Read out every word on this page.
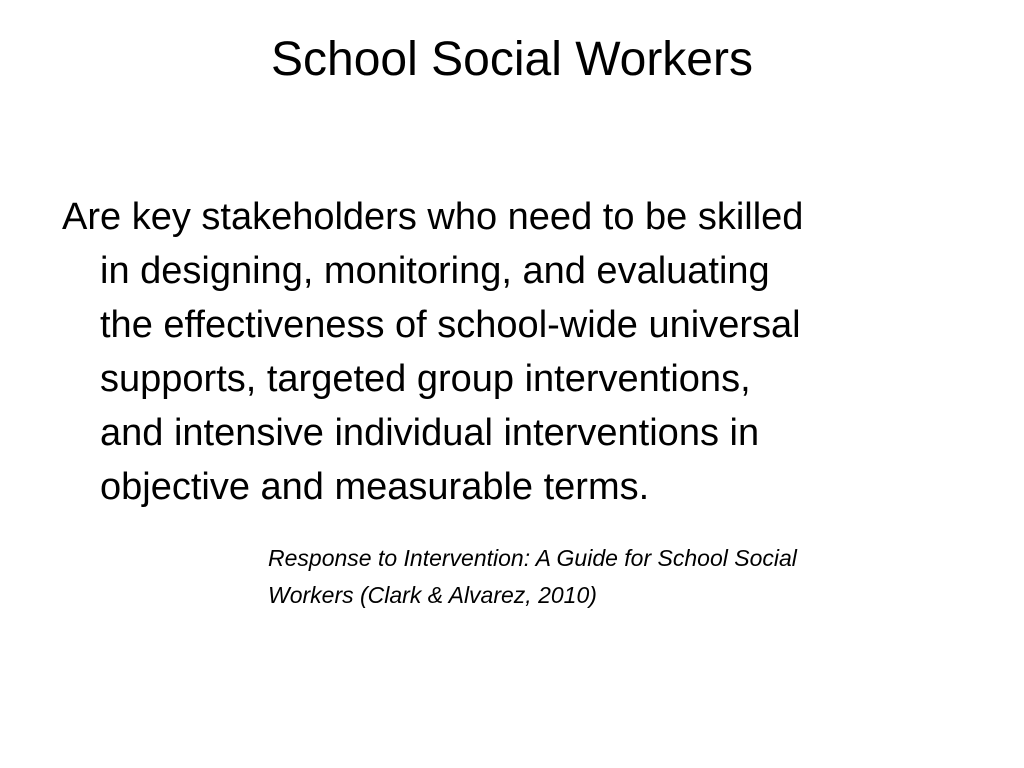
School Social Workers

Are key stakeholders who need to be skilled
in designing, monitoring, and evaluating
the effectiveness of school-wide universal
supports, targeted group interventions,
and intensive individual interventions in
objective and measurable terms.

Response to Intervention: A Guide for School Social
Workers (Clark & Alvarez, 2010)
